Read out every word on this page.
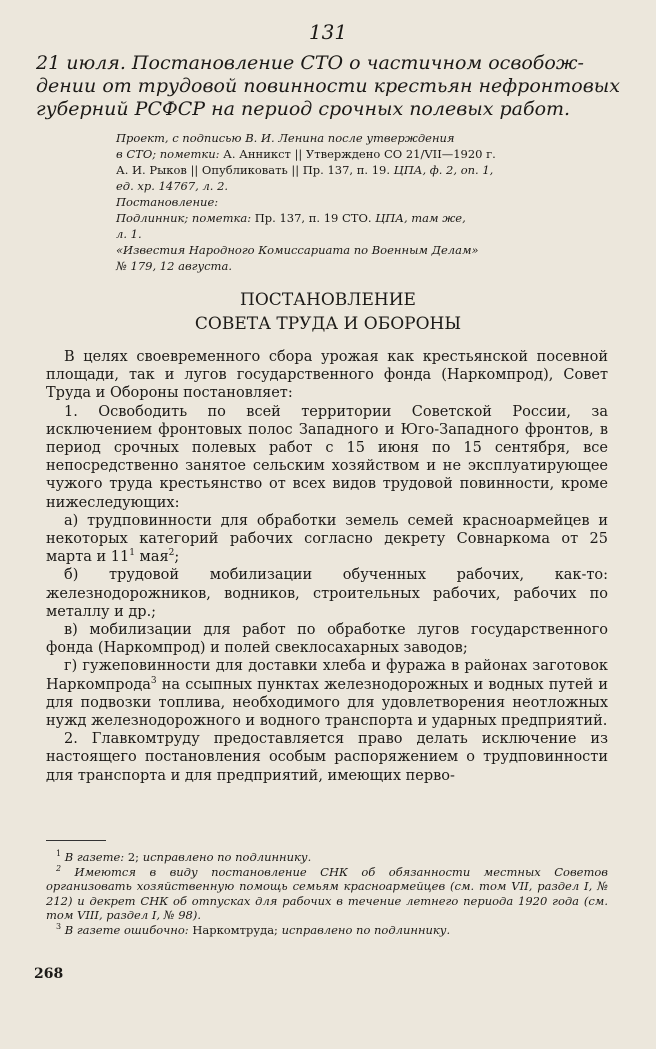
131
21 июля. Постановление СТО о частичном освобож-
дении от трудовой повинности крестьян нефронтовых
губерний РСФСР на период срочных полевых работ.
Проект, с подписью В. И. Ленина после утверждения
в СТО; пометки: А. Анникст || Утверждено СО 21/VII—1920 г.
А. И. Рыков || Опубликовать || Пр. 137, п. 19. ЦПА, ф. 2, оп. 1,
ед. хр. 14767, л. 2.
Постановление:
Подлинник; пометка: Пр. 137, п. 19 СТО. ЦПА, там же,
л. 1.
«Известия Народного Комиссариата по Военным Делам»
№ 179, 12 августа.
ПОСТАНОВЛЕНИЕ
СОВЕТА ТРУДА И ОБОРОНЫ

В целях своевременного сбора урожая как крестьянской посевной площади, так и лугов государственного фонда (Наркомпрод), Совет Труда и Обороны постановляет:

1. Освободить по всей территории Советской России, за исключением фронтовых полос Западного и Юго-Западного фронтов, в период срочных полевых работ с 15 июня по 15 сентября, все непосредственно занятое сельским хозяйством и не эксплуатирующее чужого труда крестьянство от всех видов трудовой повинности, кроме нижеследующих:

а) трудповинности для обработки земель семей красноармейцев и некоторых категорий рабочих согласно декрету Совнаркома от 25 марта и $11^1$ мая$^2$;

б) трудовой мобилизации обученных рабочих, как-то: железнодорожников, водников, строительных рабочих, рабочих по металлу и др.;

в) мобилизации для работ по обработке лугов государственного фонда (Наркомпрод) и полей свеклосахарных заводов;

г) гужеповинности для доставки хлеба и фуража в районах заготовок Наркомпрода$^3$ на ссыпных пунктах железнодорожных и водных путей и для подвозки топлива, необходимого для удовлетворения неотложных нужд железнодорожного и водного транспорта и ударных предприятий.

2. Главкомтруду предоставляется право делать исключение из настоящего постановления особым распоряжением о трудповинности для транспорта и для предприятий, имеющих перво-

$^1$ В газете: 2; исправлено по подлиннику.

$^2$ Имеются в виду постановление СНК об обязанности местных Советов организовать хозяйственную помощь семьям красноармейцев (см. том VII, раздел I, № 212) и декрет СНК об отпусках для рабочих в течение летнего периода 1920 года (см. том VIII, раздел I, № 98).

$^3$ В газете ошибочно: Наркомтруда; исправлено по подлиннику.

268
